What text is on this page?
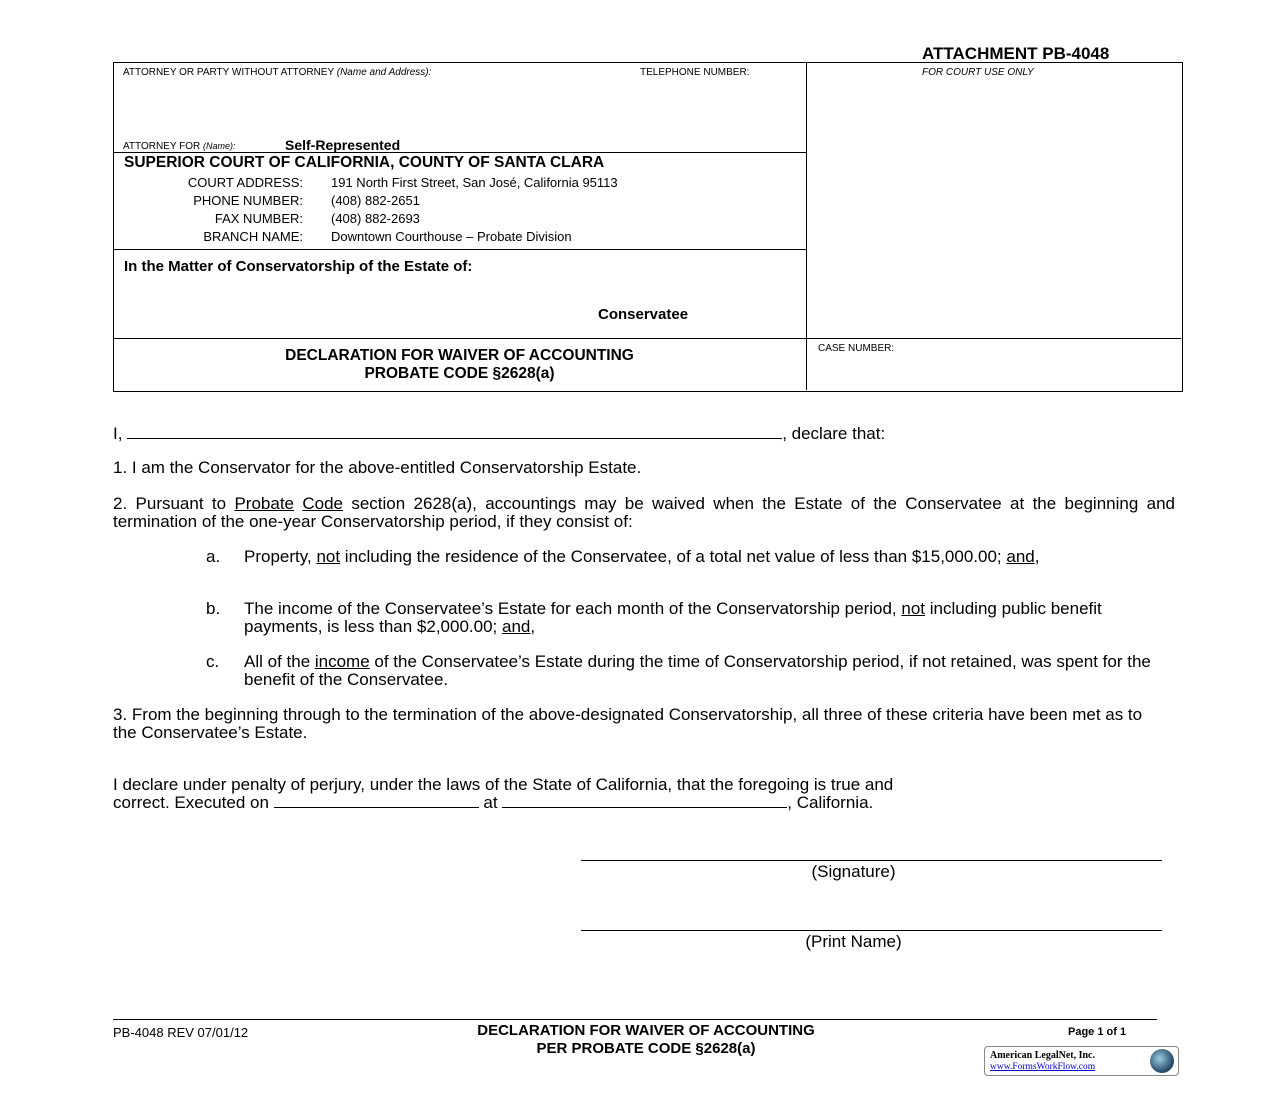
ATTACHMENT PB-4048
ATTORNEY OR PARTY WITHOUT ATTORNEY (Name and Address):	TELEPHONE NUMBER:
ATTORNEY FOR (Name):	Self-Represented
FOR COURT USE ONLY
SUPERIOR COURT OF CALIFORNIA, COUNTY OF SANTA CLARA
COURT ADDRESS: 191 North First Street, San José, California 95113
PHONE NUMBER: (408) 882-2651
FAX NUMBER: (408) 882-2693
BRANCH NAME: Downtown Courthouse – Probate Division
In the Matter of Conservatorship of the Estate of:
Conservatee
DECLARATION FOR WAIVER OF ACCOUNTING
PROBATE CODE §2628(a)
CASE NUMBER:
I,	, declare that:
1. I am the Conservator for the above-entitled Conservatorship Estate.
2. Pursuant to Probate Code section 2628(a), accountings may be waived when the Estate of the Conservatee at the beginning and termination of the one-year Conservatorship period, if they consist of:
a. Property, not including the residence of the Conservatee, of a total net value of less than $15,000.00; and,
b. The income of the Conservatee’s Estate for each month of the Conservatorship period, not including public benefit payments, is less than $2,000.00; and,
c. All of the income of the Conservatee’s Estate during the time of Conservatorship period, if not retained, was spent for the benefit of the Conservatee.
3. From the beginning through to the termination of the above-designated Conservatorship, all three of these criteria have been met as to the Conservatee’s Estate.
I declare under penalty of perjury, under the laws of the State of California, that the foregoing is true and
correct. Executed on	at	, California.
(Signature)
(Print Name)
PB-4048 REV 07/01/12	DECLARATION FOR WAIVER OF ACCOUNTING
PER PROBATE CODE §2628(a)
Page 1 of 1
American LegalNet, Inc.
www.FormsWorkFlow.com
